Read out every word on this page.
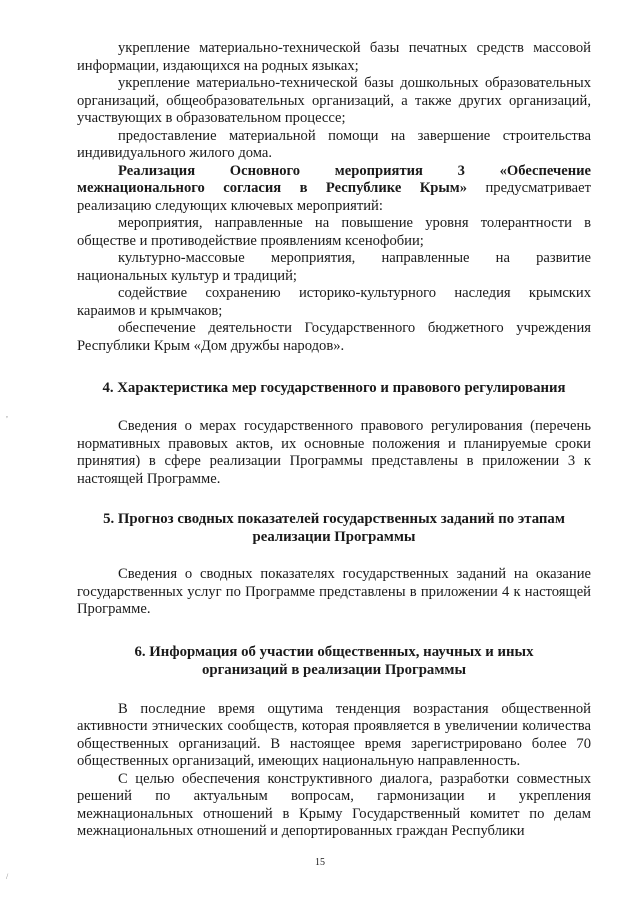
укрепление материально-технической базы печатных средств массовой информации, издающихся на родных языках;

укрепление материально-технической базы дошкольных образовательных организаций, общеобразовательных организаций, а также других организаций, участвующих в образовательном процессе;

предоставление материальной помощи на завершение строительства индивидуального жилого дома.

Реализация Основного мероприятия 3 «Обеспечение межнационального согласия в Республике Крым» предусматривает реализацию следующих ключевых мероприятий:

мероприятия, направленные на повышение уровня толерантности в обществе и противодействие проявлениям ксенофобии;

культурно-массовые мероприятия, направленные на развитие национальных культур и традиций;

содействие сохранению историко-культурного наследия крымских караимов и крымчаков;

обеспечение деятельности Государственного бюджетного учреждения Республики Крым «Дом дружбы народов».

4. Характеристика мер государственного и правового регулирования

Сведения о мерах государственного правового регулирования (перечень нормативных правовых актов, их основные положения и планируемые сроки принятия) в сфере реализации Программы представлены в приложении 3 к настоящей Программе.

5. Прогноз сводных показателей государственных заданий по этапам
реализации Программы

Сведения о сводных показателях государственных заданий на оказание государственных услуг по Программе представлены в приложении 4 к настоящей Программе.

6. Информация об участии общественных, научных и иных
организаций в реализации Программы

В последние время ощутима тенденция возрастания общественной активности этнических сообществ, которая проявляется в увеличении количества общественных организаций. В настоящее время зарегистрировано более 70 общественных организаций, имеющих национальную направленность.

С целью обеспечения конструктивного диалога, разработки совместных решений по актуальным вопросам, гармонизации и укрепления межнациональных отношений в Крыму Государственный комитет по делам межнациональных отношений и депортированных граждан Республики

15
,
/
